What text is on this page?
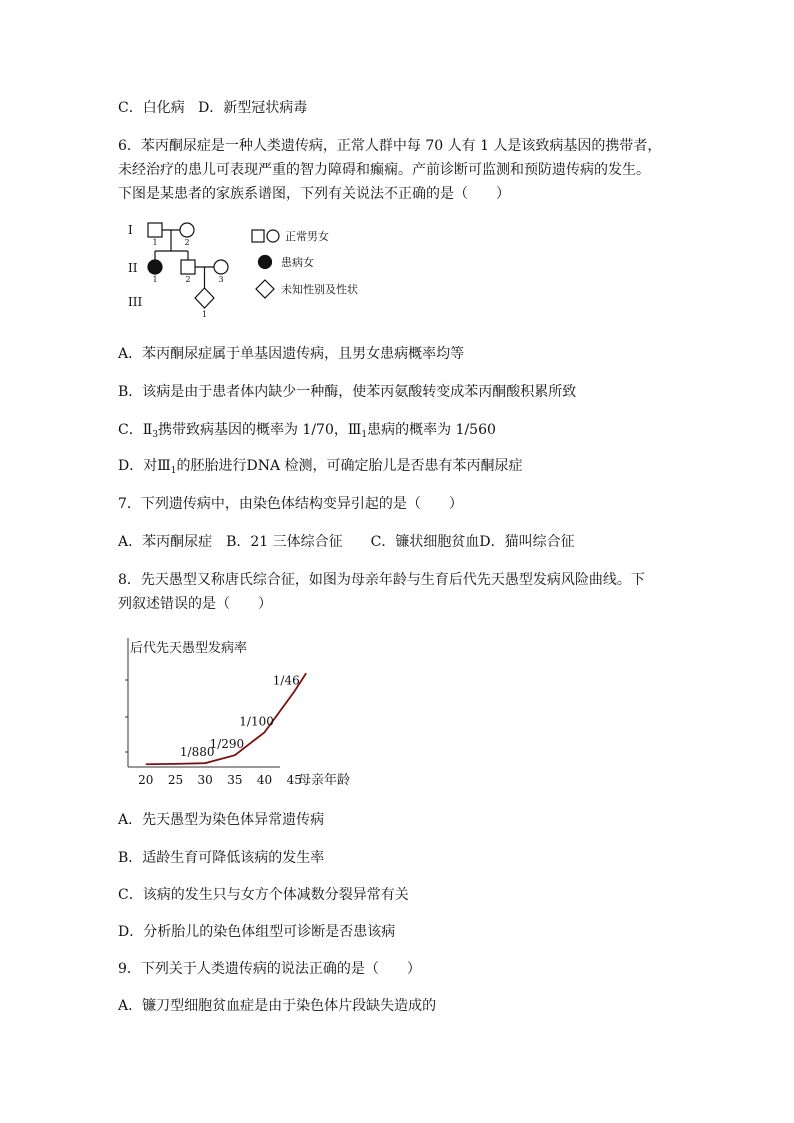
C．白化病 D．新型冠状病毒
6．苯丙酮尿症是一种人类遗传病，正常人群中每 70 人有 1 人是该致病基因的携带者，
未经治疗的患儿可表现严重的智力障碍和癫痫。产前诊断可监测和预防遗传病的发生。
下图是某患者的家族系谱图，下列有关说法不正确的是（　　）
I
II
III
1	2
1	2	3
1
正常男女
患病女
未知性别及性状
A．苯丙酮尿症属于单基因遗传病，且男女患病概率均等
B．该病是由于患者体内缺少一种酶，使苯丙氨酸转变成苯丙酮酸积累所致
C．$Ⅱ_3$携带致病基因的概率为 1/70，$Ⅲ_1$患病的概率为 1/560
D．对$Ⅲ_1$的胚胎进行DNA 检测，可确定胎儿是否患有苯丙酮尿症
7．下列遗传病中，由染色体结构变异引起的是（　　）
A．苯丙酮尿症　B．21 三体综合征　　C．镰状细胞贫血D．猫叫综合征
8．先天愚型又称唐氏综合征，如图为母亲年龄与生育后代先天愚型发病风险曲线。下
列叙述错误的是（　　）
后代先天愚型发病率
20 25 30 35 40 45
母亲年龄
1/880
1/290
1/100
1/46
A．先天愚型为染色体异常遗传病
B．适龄生育可降低该病的发生率
C．该病的发生只与女方个体减数分裂异常有关
D．分析胎儿的染色体组型可诊断是否患该病
9．下列关于人类遗传病的说法正确的是（　　）
A．镰刀型细胞贫血症是由于染色体片段缺失造成的
